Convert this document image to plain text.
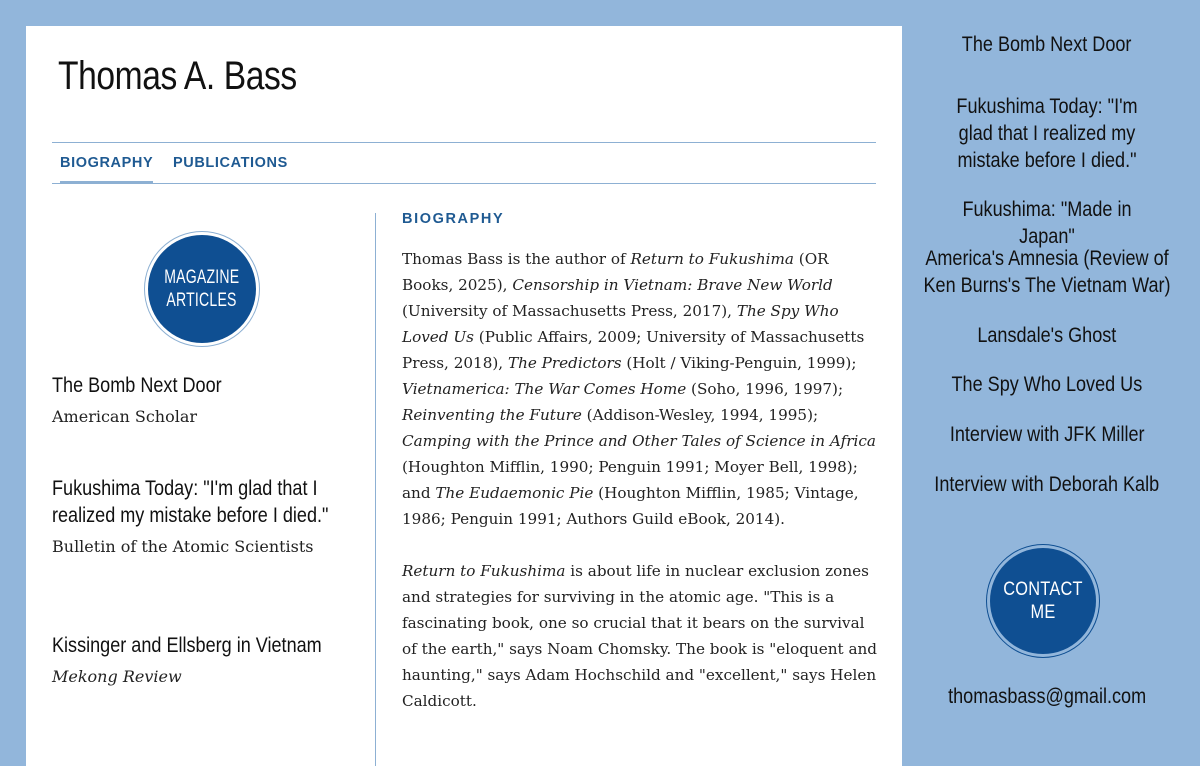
Thomas A. Bass
BIOGRAPHY PUBLICATIONS
MAGAZINE
ARTICLES
The Bomb Next Door
American Scholar
Fukushima Today: "I'm glad that I realized my mistake before I died."
Bulletin of the Atomic Scientists
Kissinger and Ellsberg in Vietnam
Mekong Review
BIOGRAPHY

Thomas Bass is the author of Return to Fukushima (OR Books, 2025), Censorship in Vietnam: Brave New World (University of Massachusetts Press, 2017), The Spy Who Loved Us (Public Affairs, 2009; University of Massachusetts Press, 2018), The Predictors (Holt / Viking-Penguin, 1999); Vietnamerica: The War Comes Home (Soho, 1996, 1997); Reinventing the Future (Addison-Wesley, 1994, 1995); Camping with the Prince and Other Tales of Science in Africa (Houghton Mifflin, 1990; Penguin 1991; Moyer Bell, 1998); and The Eudaemonic Pie (Houghton Mifflin, 1985; Vintage, 1986; Penguin 1991; Authors Guild eBook, 2014).

Return to Fukushima is about life in nuclear exclusion zones and strategies for surviving in the atomic age. "This is a fascinating book, one so crucial that it bears on the survival of the earth," says Noam Chomsky. The book is "eloquent and haunting," says Adam Hochschild and "excellent," says Helen Caldicott.

The Bomb Next Door
Fukushima Today: "I'm glad that I realized my mistake before I died."
Fukushima: "Made in Japan"
America's Amnesia (Review of Ken Burns's The Vietnam War)
Lansdale's Ghost
The Spy Who Loved Us
Interview with JFK Miller
Interview with Deborah Kalb
CONTACT ME
thomasbass@gmail.com
